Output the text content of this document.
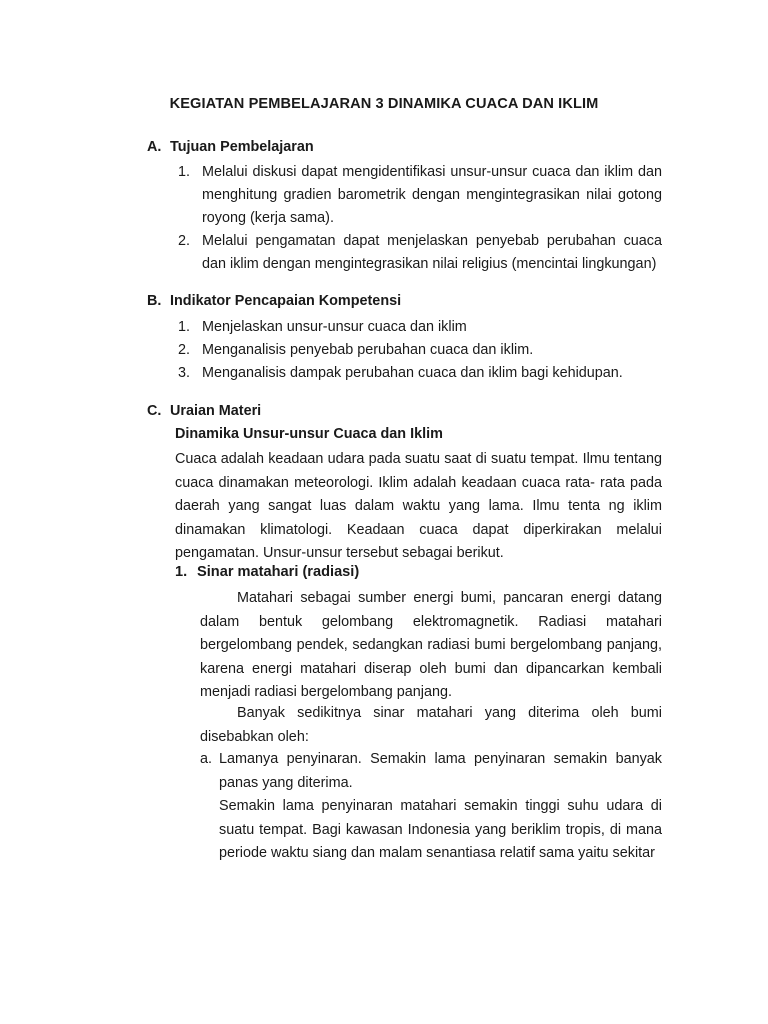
KEGIATAN PEMBELAJARAN 3 DINAMIKA CUACA DAN IKLIM
A. Tujuan Pembelajaran
1. Melalui diskusi dapat mengidentifikasi unsur-unsur cuaca dan iklim dan menghitung gradien barometrik dengan mengintegrasikan nilai gotong royong (kerja sama).
2. Melalui pengamatan dapat menjelaskan penyebab perubahan cuaca dan iklim dengan mengintegrasikan nilai religius (mencintai lingkungan)
B. Indikator Pencapaian Kompetensi
1. Menjelaskan unsur-unsur cuaca dan iklim
2. Menganalisis penyebab perubahan cuaca dan iklim.
3. Menganalisis dampak perubahan cuaca dan iklim bagi kehidupan.
C. Uraian Materi
Dinamika Unsur-unsur Cuaca dan Iklim
Cuaca adalah keadaan udara pada suatu saat di suatu tempat. Ilmu tentang cuaca dinamakan meteorologi. Iklim adalah keadaan cuaca rata- rata pada daerah yang sangat luas dalam waktu yang lama. Ilmu tenta ng iklim dinamakan klimatologi. Keadaan cuaca dapat diperkirakan melalui pengamatan. Unsur-unsur tersebut sebagai berikut.
1. Sinar matahari (radiasi)
Matahari sebagai sumber energi bumi, pancaran energi datang dalam bentuk gelombang elektromagnetik. Radiasi matahari bergelombang pendek, sedangkan radiasi bumi bergelombang panjang, karena energi matahari diserap oleh bumi dan dipancarkan kembali menjadi radiasi bergelombang panjang.
Banyak sedikitnya sinar matahari yang diterima oleh bumi disebabkan oleh:
a. Lamanya penyinaran. Semakin lama penyinaran semakin banyak panas yang diterima.
Semakin lama penyinaran matahari semakin tinggi suhu udara di suatu tempat. Bagi kawasan Indonesia yang beriklim tropis, di mana periode waktu siang dan malam senantiasa relatif sama yaitu sekitar
